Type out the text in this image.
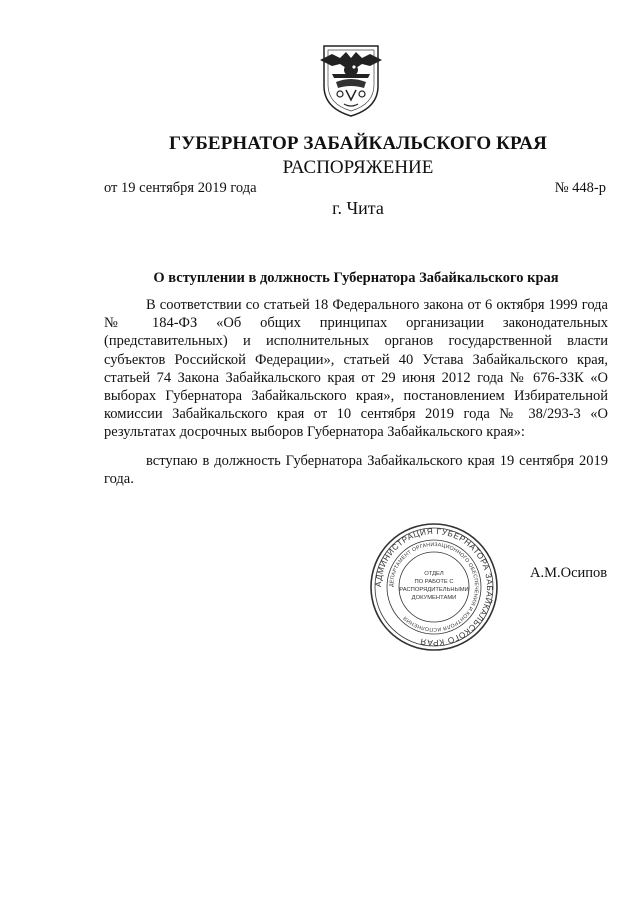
ГУБЕРНАТОР ЗАБАЙКАЛЬСКОГО КРАЯ
РАСПОРЯЖЕНИЕ
от 19 сентября 2019 года	№ 448-р
г. Чита
О вступлении в должность Губернатора Забайкальского края

В соответствии со статьей 18 Федерального закона от 6 октября 1999 года № 184-ФЗ «Об общих принципах организации законодательных (представительных) и исполнительных органов государственной власти субъектов Российской Федерации», статьей 40 Устава Забайкальского края, статьей 74 Закона Забайкальского края от 29 июня 2012 года № 676-ЗЗК «О выборах Губернатора Забайкальского края», постановлением Избирательной комиссии Забайкальского края от 10 сентября 2019 года № 38/293-3 «О результатах досрочных выборов Губернатора Забайкальского края»:

вступаю в должность Губернатора Забайкальского края 19 сентября 2019 года.

АДМИНИСТРАЦИЯ ГУБЕРНАТОРА ЗАБАЙКАЛЬСКОГО КРАЯ
ДЕПАРТАМЕНТ ОРГАНИЗАЦИОННОГО ОБЕСПЕЧЕНИЯ И КОНТРОЛЯ ИСПОЛНЕНИЯ
ОТДЕЛ
ПО РАБОТЕ С
РАСПОРЯДИТЕЛЬНЫМИ
ДОКУМЕНТАМИ
А.М.Осипов
